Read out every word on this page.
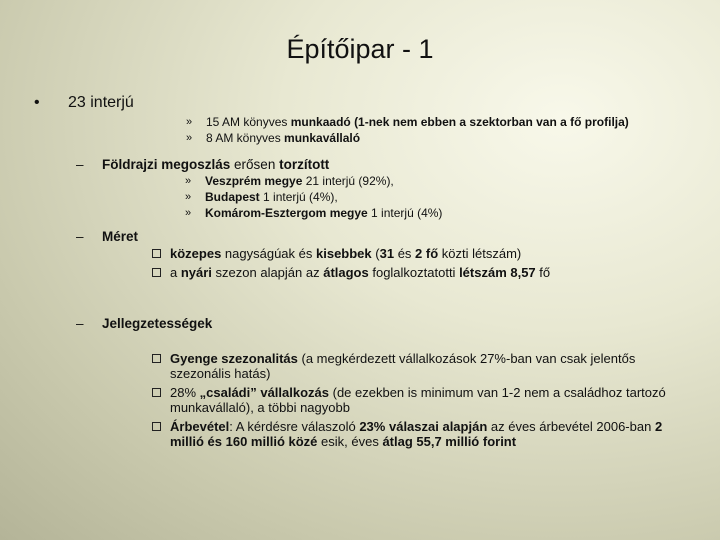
Építőipar - 1
• 23 interjú
» 15 AM könyves munkaadó (1-nek nem ebben a szektorban van a fő profilja)
» 8 AM könyves munkavállaló
– Földrajzi megoszlás erősen torzított
» Veszprém megye 21 interjú (92%),
» Budapest 1 interjú (4%),
» Komárom-Esztergom megye 1 interjú (4%)
– Méret
közepes nagyságúak és kisebbek (31 és 2 fő közti létszám)
a nyári szezon alapján az átlagos foglalkoztatotti létszám 8,57 fő
– Jellegzetességek
Gyenge szezonalitás (a megkérdezett vállalkozások 27%-ban van csak jelentős szezonális hatás)
28% „családi” vállalkozás (de ezekben is minimum van 1-2 nem a családhoz tartozó munkavállaló), a többi nagyobb
Árbevétel: A kérdésre válaszoló 23% válaszai alapján az éves árbevétel 2006-ban 2 millió és 160 millió közé esik, éves átlag 55,7 millió forint
